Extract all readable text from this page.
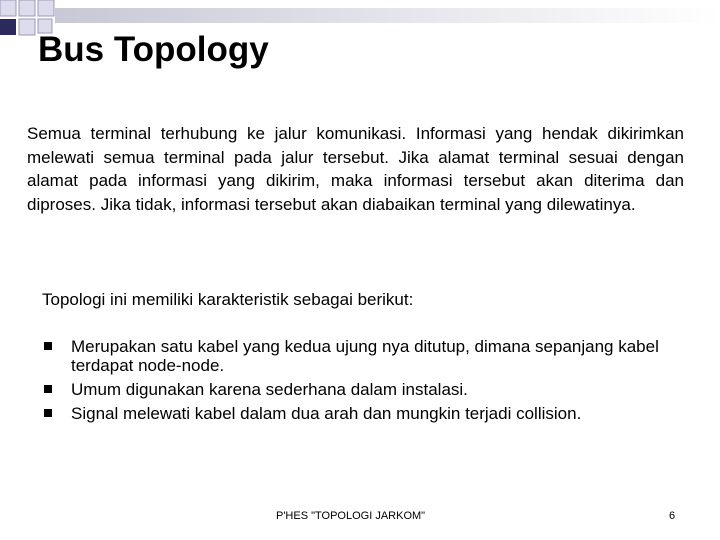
Bus Topology

Semua terminal terhubung ke jalur komunikasi. Informasi yang hendak dikirimkan melewati semua terminal pada jalur tersebut. Jika alamat terminal sesuai dengan alamat pada informasi yang dikirim, maka informasi tersebut akan diterima dan diproses. Jika tidak, informasi tersebut akan diabaikan terminal yang dilewatinya.

Topologi ini memiliki karakteristik sebagai berikut:

Merupakan satu kabel yang kedua ujung nya ditutup, dimana sepanjang kabel terdapat node-node.
Umum digunakan karena sederhana dalam instalasi.
Signal melewati kabel dalam dua arah dan mungkin terjadi collision.
P'HES "TOPOLOGI JARKOM"	6
